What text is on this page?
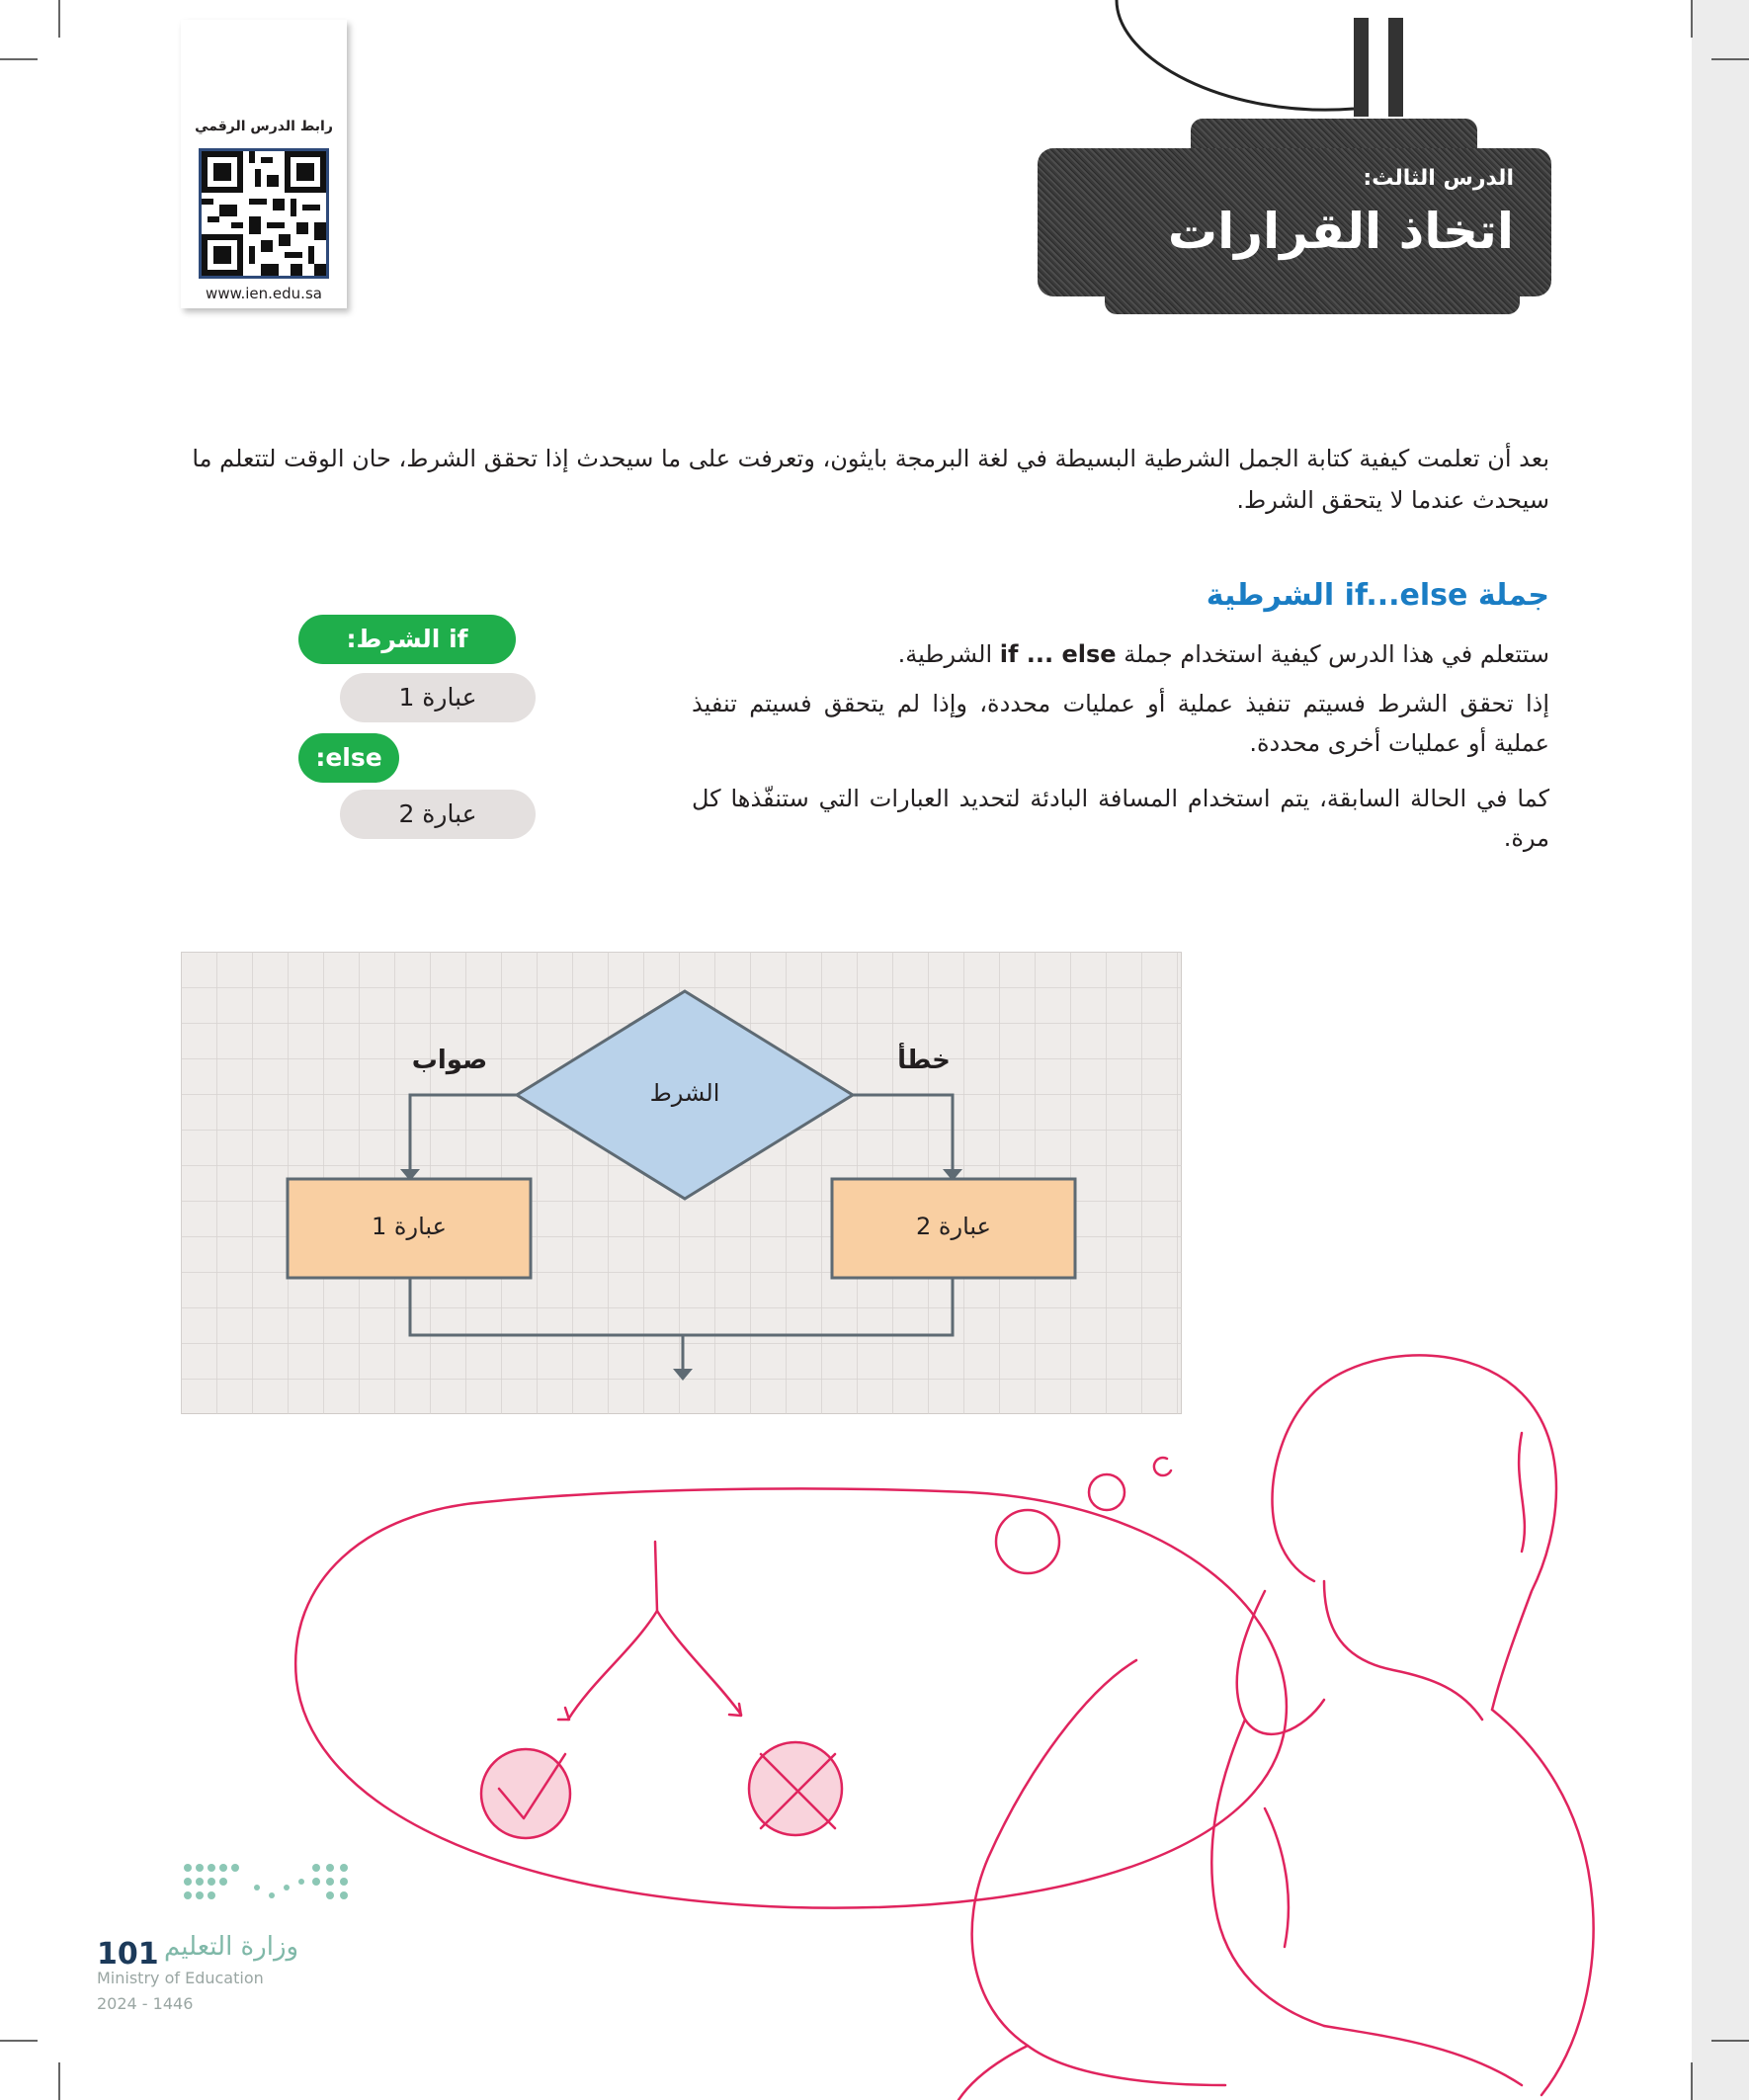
رابط الدرس الرقمي
www.ien.edu.sa
الدرس الثالث:
اتخاذ القرارات
بعد أن تعلمت كيفية كتابة الجمل الشرطية البسيطة في لغة البرمجة بايثون، وتعرفت على ما سيحدث إذا تحقق الشرط، حان الوقت لتتعلم ما سيحدث عندما لا يتحقق الشرط.
جملة if...else الشرطية
ستتعلم في هذا الدرس كيفية استخدام جملة if ... else الشرطية.
إذا تحقق الشرط فسيتم تنفيذ عملية أو عمليات محددة، وإذا لم يتحقق فسيتم تنفيذ عملية أو عمليات أخرى محددة.
كما في الحالة السابقة، يتم استخدام المسافة البادئة لتحديد العبارات التي ستنفّذها كل مرة.
if الشرط:
عبارة 1
else:
عبارة 2
الشرط
صواب	خطأ
عبارة 1	عبارة 2
وزارة التعليم
101
Ministry of Education
2024 - 1446
